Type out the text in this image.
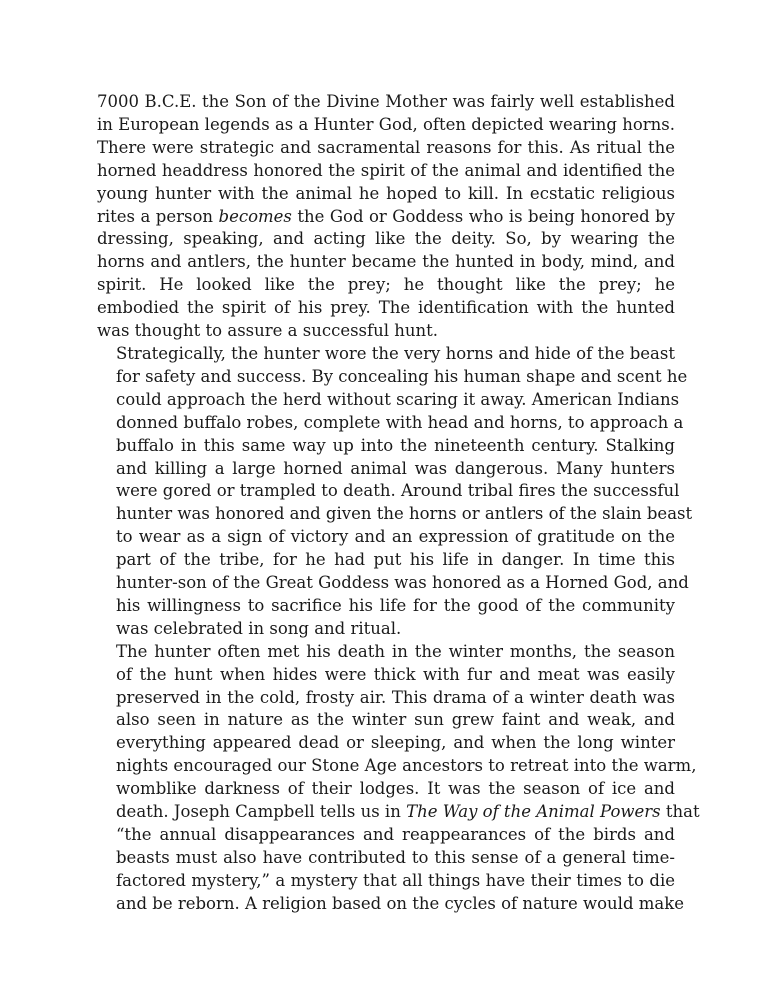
7000 B.C.E. the Son of the Divine Mother was fairly well established
in European legends as a Hunter God, often depicted wearing horns.
There were strategic and sacramental reasons for this. As ritual the
horned headdress honored the spirit of the animal and identified the
young hunter with the animal he hoped to kill. In ecstatic religious
rites a person becomes the God or Goddess who is being honored by
dressing, speaking, and acting like the deity. So, by wearing the
horns and antlers, the hunter became the hunted in body, mind, and
spirit. He looked like the prey; he thought like the prey; he
embodied the spirit of his prey. The identification with the hunted
was thought to assure a successful hunt.

Strategically, the hunter wore the very horns and hide of the beast
for safety and success. By concealing his human shape and scent he
could approach the herd without scaring it away. American Indians
donned buffalo robes, complete with head and horns, to approach a
buffalo in this same way up into the nineteenth century. Stalking
and killing a large horned animal was dangerous. Many hunters
were gored or trampled to death. Around tribal fires the successful
hunter was honored and given the horns or antlers of the slain beast
to wear as a sign of victory and an expression of gratitude on the
part of the tribe, for he had put his life in danger. In time this
hunter-son of the Great Goddess was honored as a Horned God, and
his willingness to sacrifice his life for the good of the community
was celebrated in song and ritual.

The hunter often met his death in the winter months, the season
of the hunt when hides were thick with fur and meat was easily
preserved in the cold, frosty air. This drama of a winter death was
also seen in nature as the winter sun grew faint and weak, and
everything appeared dead or sleeping, and when the long winter
nights encouraged our Stone Age ancestors to retreat into the warm,
womblike darkness of their lodges. It was the season of ice and
death. Joseph Campbell tells us in The Way of the Animal Powers that
“the annual disappearances and reappearances of the birds and
beasts must also have contributed to this sense of a general time-
factored mystery,” a mystery that all things have their times to die
and be reborn. A religion based on the cycles of nature would make
